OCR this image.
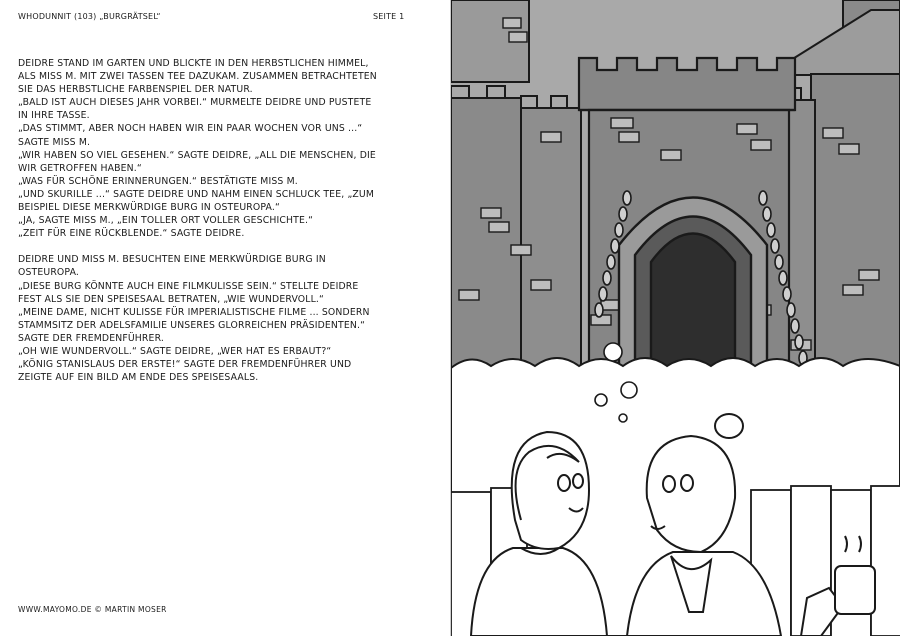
WHODUNNIT (103) „BURGRÄTSEL“	SEITE 1

DEIDRE STAND IM GARTEN UND BLICKTE IN DEN HERBSTLICHEN HIMMEL,

ALS MISS M. MIT ZWEI TASSEN TEE DAZUKAM. ZUSAMMEN BETRACHTETEN

SIE DAS HERBSTLICHE FARBENSPIEL DER NATUR.

„BALD IST AUCH DIESES JAHR VORBEI.“ MURMELTE DEIDRE UND PUSTETE

IN IHRE TASSE.

„DAS STIMMT, ABER NOCH HABEN WIR EIN PAAR WOCHEN VOR UNS ...“

SAGTE MISS M.

„WIR HABEN SO VIEL GESEHEN.“ SAGTE DEIDRE, „ALL DIE MENSCHEN, DIE

WIR GETROFFEN HABEN.“

„WAS FÜR SCHÖNE ERINNERUNGEN.“ BESTÄTIGTE MISS M.

„UND SKURILLE ...“ SAGTE DEIDRE UND NAHM EINEN SCHLUCK TEE, „ZUM

BEISPIEL DIESE MERKWÜRDIGE BURG IN OSTEUROPA.“

„JA, SAGTE MISS M., „EIN TOLLER ORT VOLLER GESCHICHTE.“

„ZEIT FÜR EINE RÜCKBLENDE.“ SAGTE DEIDRE.

DEIDRE UND MISS M. BESUCHTEN EINE MERKWÜRDIGE BURG IN

OSTEUROPA.

„DIESE BURG KÖNNTE AUCH EINE FILMKULISSE SEIN.“ STELLTE DEIDRE

FEST ALS SIE DEN SPEISESAAL BETRATEN, „WIE WUNDERVOLL.“

„MEINE DAME, NICHT KULISSE FÜR IMPERIALISTISCHE FILME ... SONDERN

STAMMSITZ DER ADELSFAMILIE UNSERES GLORREICHEN PRÄSIDENTEN.“

SAGTE DER FREMDENFÜHRER.

„OH WIE WUNDERVOLL.“ SAGTE DEIDRE, „WER HAT ES ERBAUT?“

„KÖNIG STANISLAUS DER ERSTE!“ SAGTE DER FREMDENFÜHRER UND

ZEIGTE AUF EIN BILD AM ENDE DES SPEISESAALS.

WWW.MAYOMO.DE © MARTIN MOSER
